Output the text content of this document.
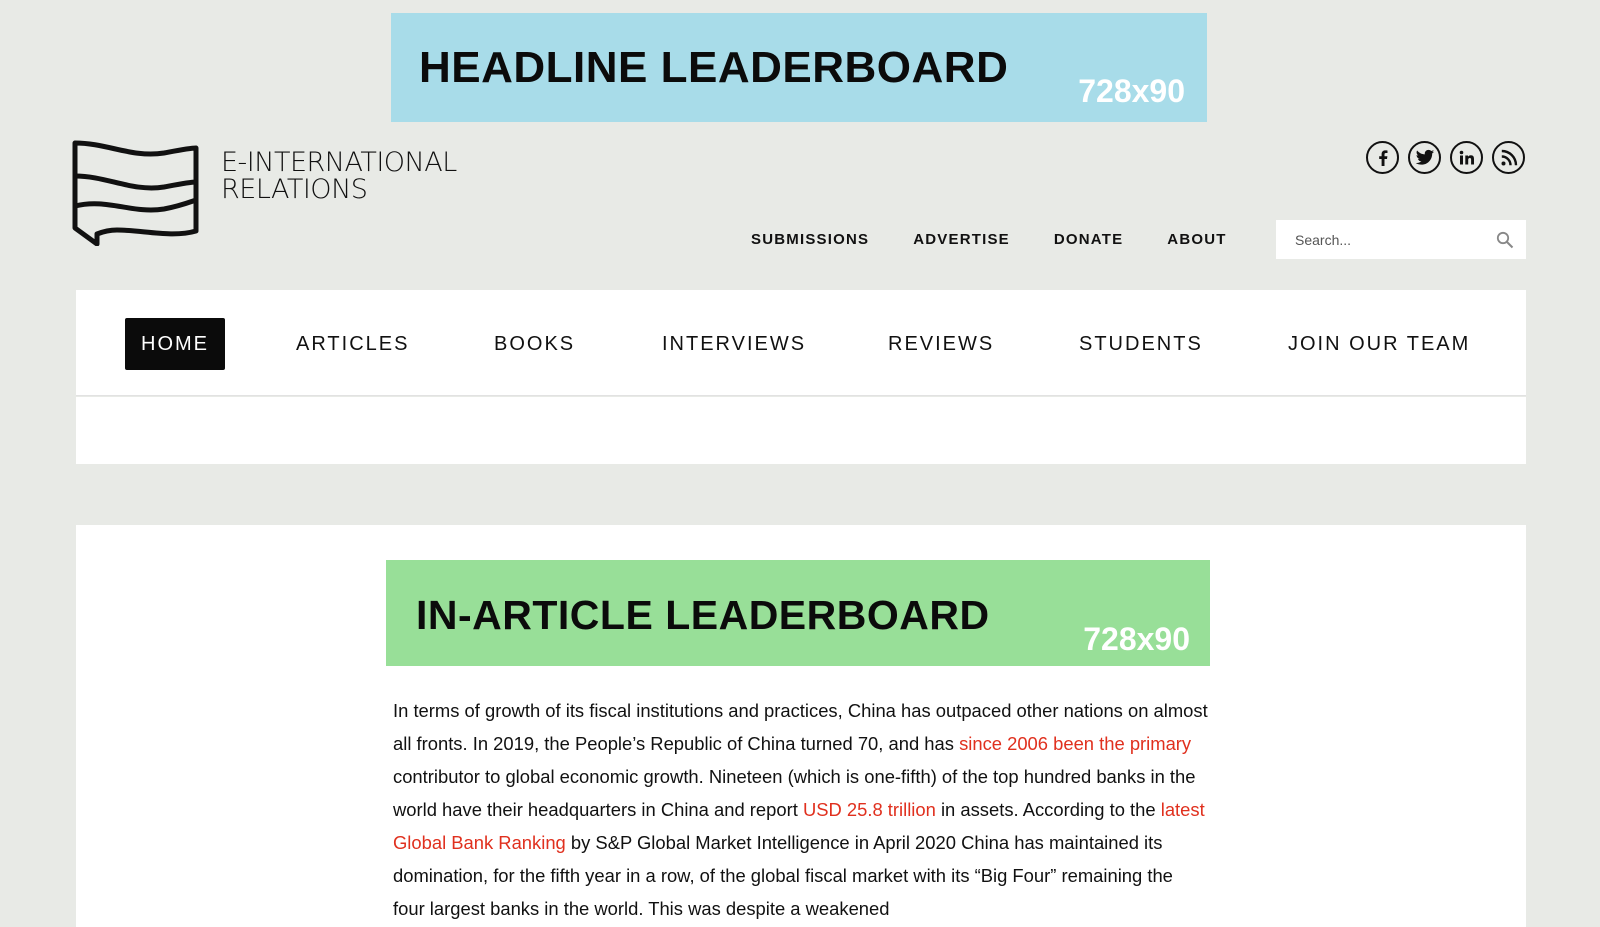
HEADLINE LEADERBOARD 728x90
E-INTERNATIONAL
RELATIONS
SUBMISSIONS	ADVERTISE	DONATE	ABOUT
Search...
HOME	ARTICLES	BOOKS	INTERVIEWS	REVIEWS	STUDENTS	JOIN OUR TEAM
IN-ARTICLE LEADERBOARD
728x90

In terms of growth of its fiscal institutions and practices, China has outpaced other nations on almost all fronts. In 2019, the People’s Republic of China turned 70, and has since 2006 been the primary contributor to global economic growth. Nineteen (which is one-fifth) of the top hundred banks in the world have their headquarters in China and report USD 25.8 trillion in assets. According to the latest Global Bank Ranking by S&P Global Market Intelligence in April 2020 China has maintained its domination, for the fifth year in a row, of the global fiscal market with its “Big Four” remaining the four largest banks in the world. This was despite a weakened
